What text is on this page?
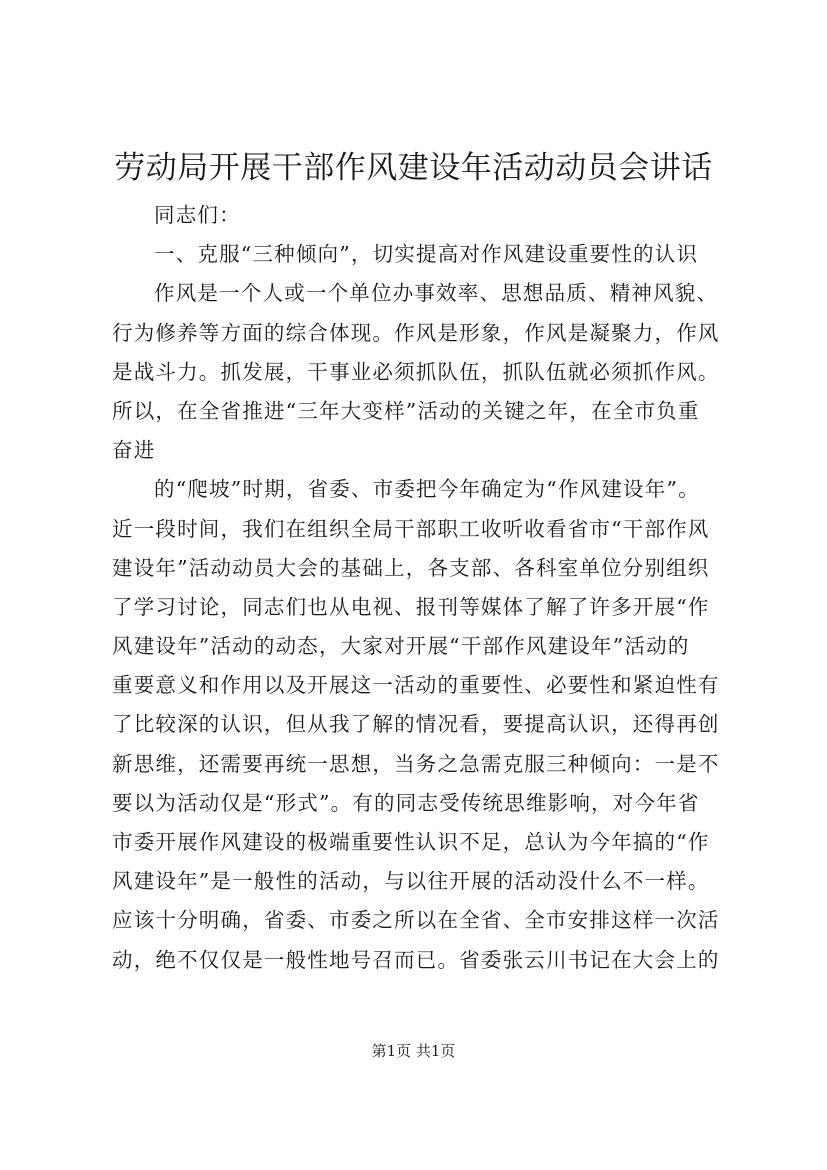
劳动局开展干部作风建设年活动动员会讲话
同志们：
一、克服“三种倾向”，切实提高对作风建设重要性的认识
作风是一个人或一个单位办事效率、思想品质、精神风貌、
行为修养等方面的综合体现。作风是形象，作风是凝聚力，作风
是战斗力。抓发展，干事业必须抓队伍，抓队伍就必须抓作风。
所以，在全省推进“三年大变样”活动的关键之年，在全市负重
奋进
的“爬坡”时期，省委、市委把今年确定为“作风建设年”。
近一段时间，我们在组织全局干部职工收听收看省市“干部作风
建设年”活动动员大会的基础上，各支部、各科室单位分别组织
了学习讨论，同志们也从电视、报刊等媒体了解了许多开展“作
风建设年”活动的动态，大家对开展“干部作风建设年”活动的
重要意义和作用以及开展这一活动的重要性、必要性和紧迫性有
了比较深的认识，但从我了解的情况看，要提高认识，还得再创
新思维，还需要再统一思想，当务之急需克服三种倾向：一是不
要以为活动仅是“形式”。有的同志受传统思维影响，对今年省
市委开展作风建设的极端重要性认识不足，总认为今年搞的“作
风建设年”是一般性的活动，与以往开展的活动没什么不一样。
应该十分明确，省委、市委之所以在全省、全市安排这样一次活
动，绝不仅仅是一般性地号召而已。省委张云川书记在大会上的
第1页 共1页
